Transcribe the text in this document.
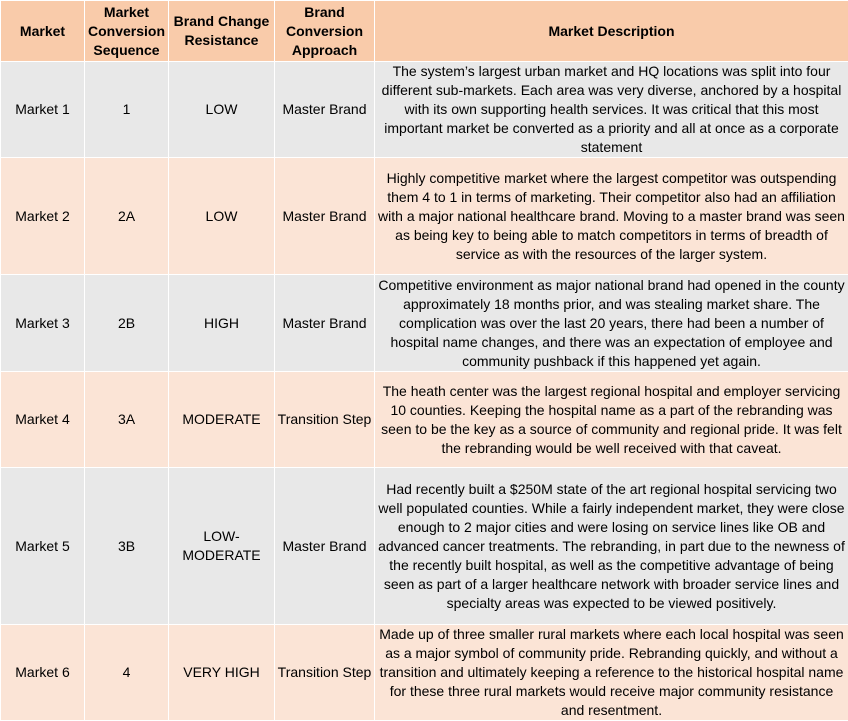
Market	Market Conversion Sequence	Brand Change Resistance	Brand Conversion Approach	Market Description
Market 1	1	LOW	Master Brand	The system’s largest urban market and HQ locations was split into four different sub-markets. Each area was very diverse, anchored by a hospital with its own supporting health services. It was critical that this most important market be converted as a priority and all at once as a corporate statement
Market 2	2A	LOW	Master Brand	Highly competitive market where the largest competitor was outspending them 4 to 1 in terms of marketing. Their competitor also had an affiliation with a major national healthcare brand. Moving to a master brand was seen as being key to being able to match competitors in terms of breadth of service as with the resources of the larger system.
Market 3	2B	HIGH	Master Brand	Competitive environment as major national brand had opened in the county approximately 18 months prior, and was stealing market share. The complication was over the last 20 years, there had been a number of hospital name changes, and there was an expectation of employee and community pushback if this happened yet again.
Market 4	3A	MODERATE	Transition Step	The heath center was the largest regional hospital and employer servicing 10 counties. Keeping the hospital name as a part of the rebranding was seen to be the key as a source of community and regional pride. It was felt the rebranding would be well received with that caveat.
Market 5	3B	LOW-MODERATE	Master Brand	Had recently built a $250M state of the art regional hospital servicing two well populated counties. While a fairly independent market, they were close enough to 2 major cities and were losing on service lines like OB and advanced cancer treatments. The rebranding, in part due to the newness of the recently built hospital, as well as the competitive advantage of being seen as part of a larger healthcare network with broader service lines and specialty areas was expected to be viewed positively.
Market 6	4	VERY HIGH	Transition Step	Made up of three smaller rural markets where each local hospital was seen as a major symbol of community pride. Rebranding quickly, and without a transition and ultimately keeping a reference to the historical hospital name for these three rural markets would receive major community resistance and resentment.
